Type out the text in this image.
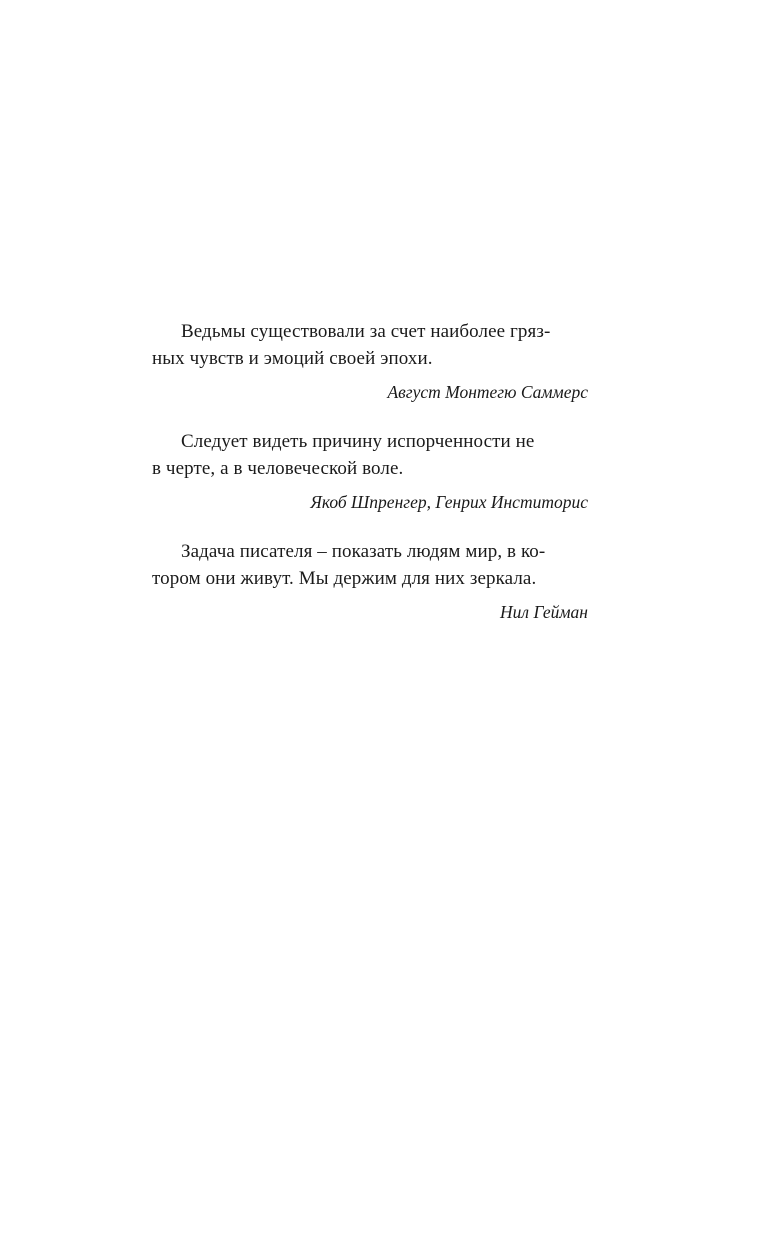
Ведьмы существовали за счет наиболее гряз-
ных чувств и эмоций своей эпохи.
Август Монтегю Саммерс
Следует видеть причину испорченности не
в черте, а в человеческой воле.
Якоб Шпренгер, Генрих Инститорис
Задача писателя – показать людям мир, в ко-
тором они живут. Мы держим для них зеркала.
Нил Гейман
